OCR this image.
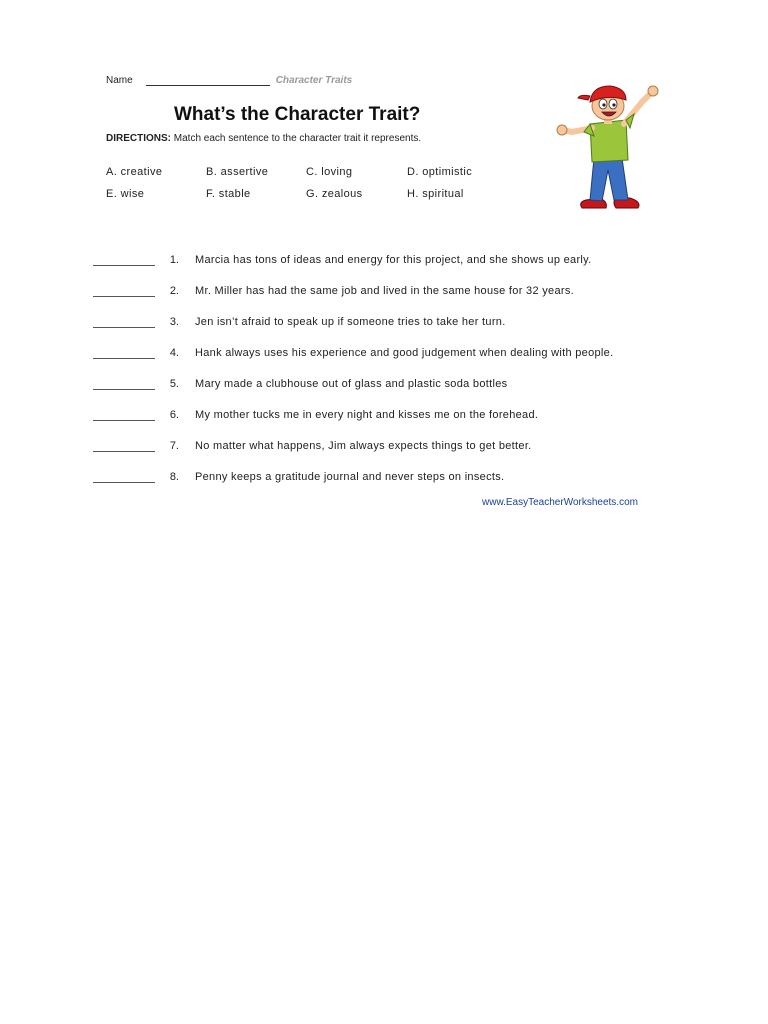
Name	Character Traits
What’s the Character Trait?
DIRECTIONS: Match each sentence to the character trait it represents.
A. creative	B. assertive	C. loving	D. optimistic
E. wise	F. stable	G. zealous	H. spiritual
1. Marcia has tons of ideas and energy for this project, and she shows up early.
2. Mr. Miller has had the same job and lived in the same house for 32 years.
3. Jen isn’t afraid to speak up if someone tries to take her turn.
4. Hank always uses his experience and good judgement when dealing with people.
5. Mary made a clubhouse out of glass and plastic soda bottles
6. My mother tucks me in every night and kisses me on the forehead.
7. No matter what happens, Jim always expects things to get better.
8. Penny keeps a gratitude journal and never steps on insects.
www.EasyTeacherWorksheets.com
